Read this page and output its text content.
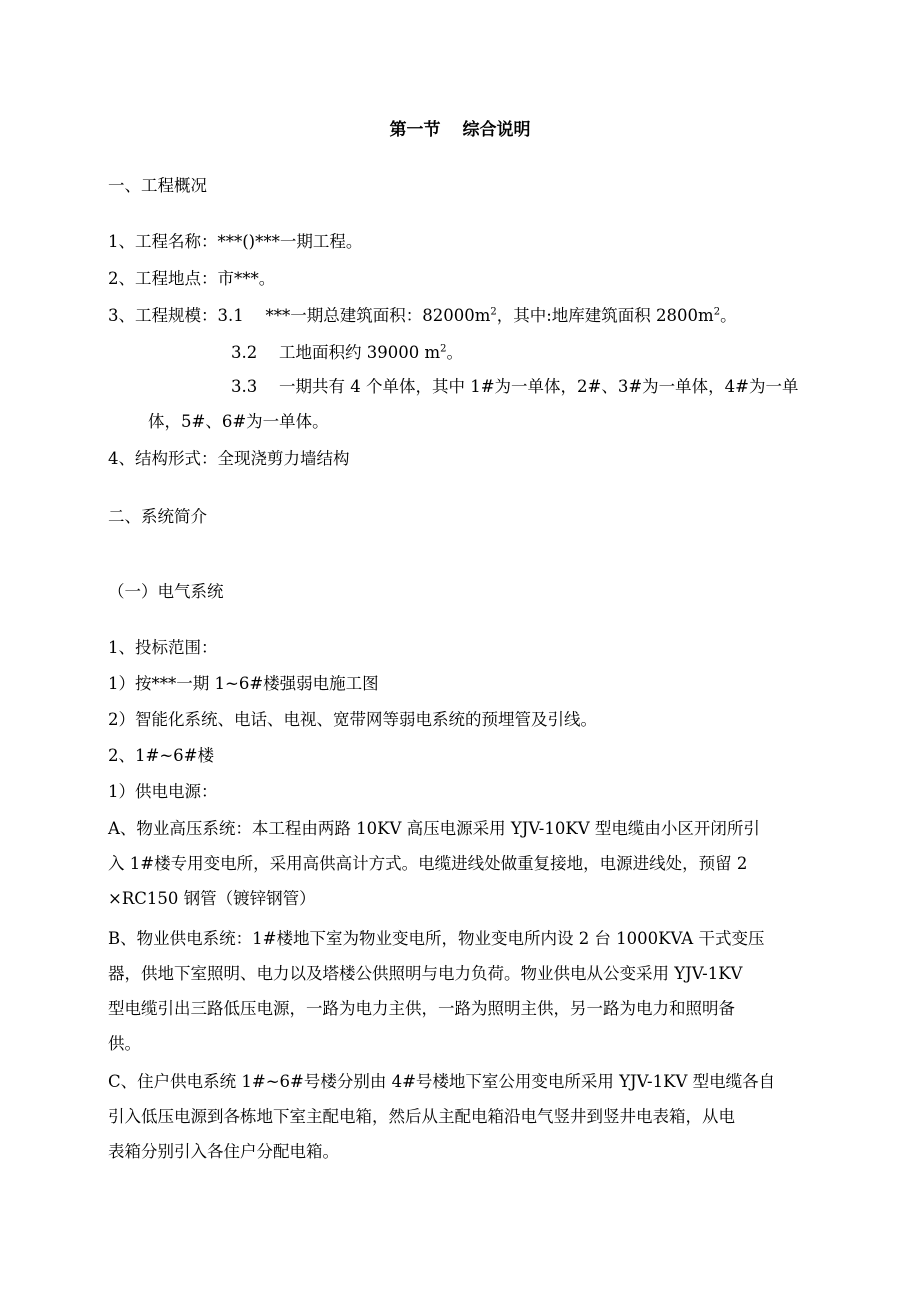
第一节 综合说明
一、工程概况
1、工程名称：***()***一期工程。
2、工程地点：市***。
3、工程规模：3.1　 ***一期总建筑面积：$82000m^2$，其中:地库建筑面积 $2800m^2$。
3.2　 工地面积约 39000 $m^2$。
3.3　 一期共有 4 个单体，其中 1#为一单体，2#、3#为一单体，4#为一单
体，5#、6#为一单体。
4、结构形式：全现浇剪力墙结构
二、系统简介
（一）电气系统
1、投标范围：
1）按***一期 1~6#楼强弱电施工图
2）智能化系统、电话、电视、宽带网等弱电系统的预埋管及引线。
2、1#~6#楼
1）供电电源：
A、物业高压系统：本工程由两路 10KV 高压电源采用 YJV-10KV 型电缆由小区开闭所引
入 1#楼专用变电所，采用高供高计方式。电缆进线处做重复接地，电源进线处，预留 2
×RC150 钢管（镀锌钢管）
B、物业供电系统：1#楼地下室为物业变电所，物业变电所内设 2 台 1000KVA 干式变压
器，供地下室照明、电力以及塔楼公供照明与电力负荷。物业供电从公变采用 YJV-1KV
型电缆引出三路低压电源，一路为电力主供，一路为照明主供，另一路为电力和照明备
供。
C、住户供电系统 1#~6#号楼分别由 4#号楼地下室公用变电所采用 YJV-1KV 型电缆各自
引入低压电源到各栋地下室主配电箱，然后从主配电箱沿电气竖井到竖井电表箱，从电
表箱分别引入各住户分配电箱。
